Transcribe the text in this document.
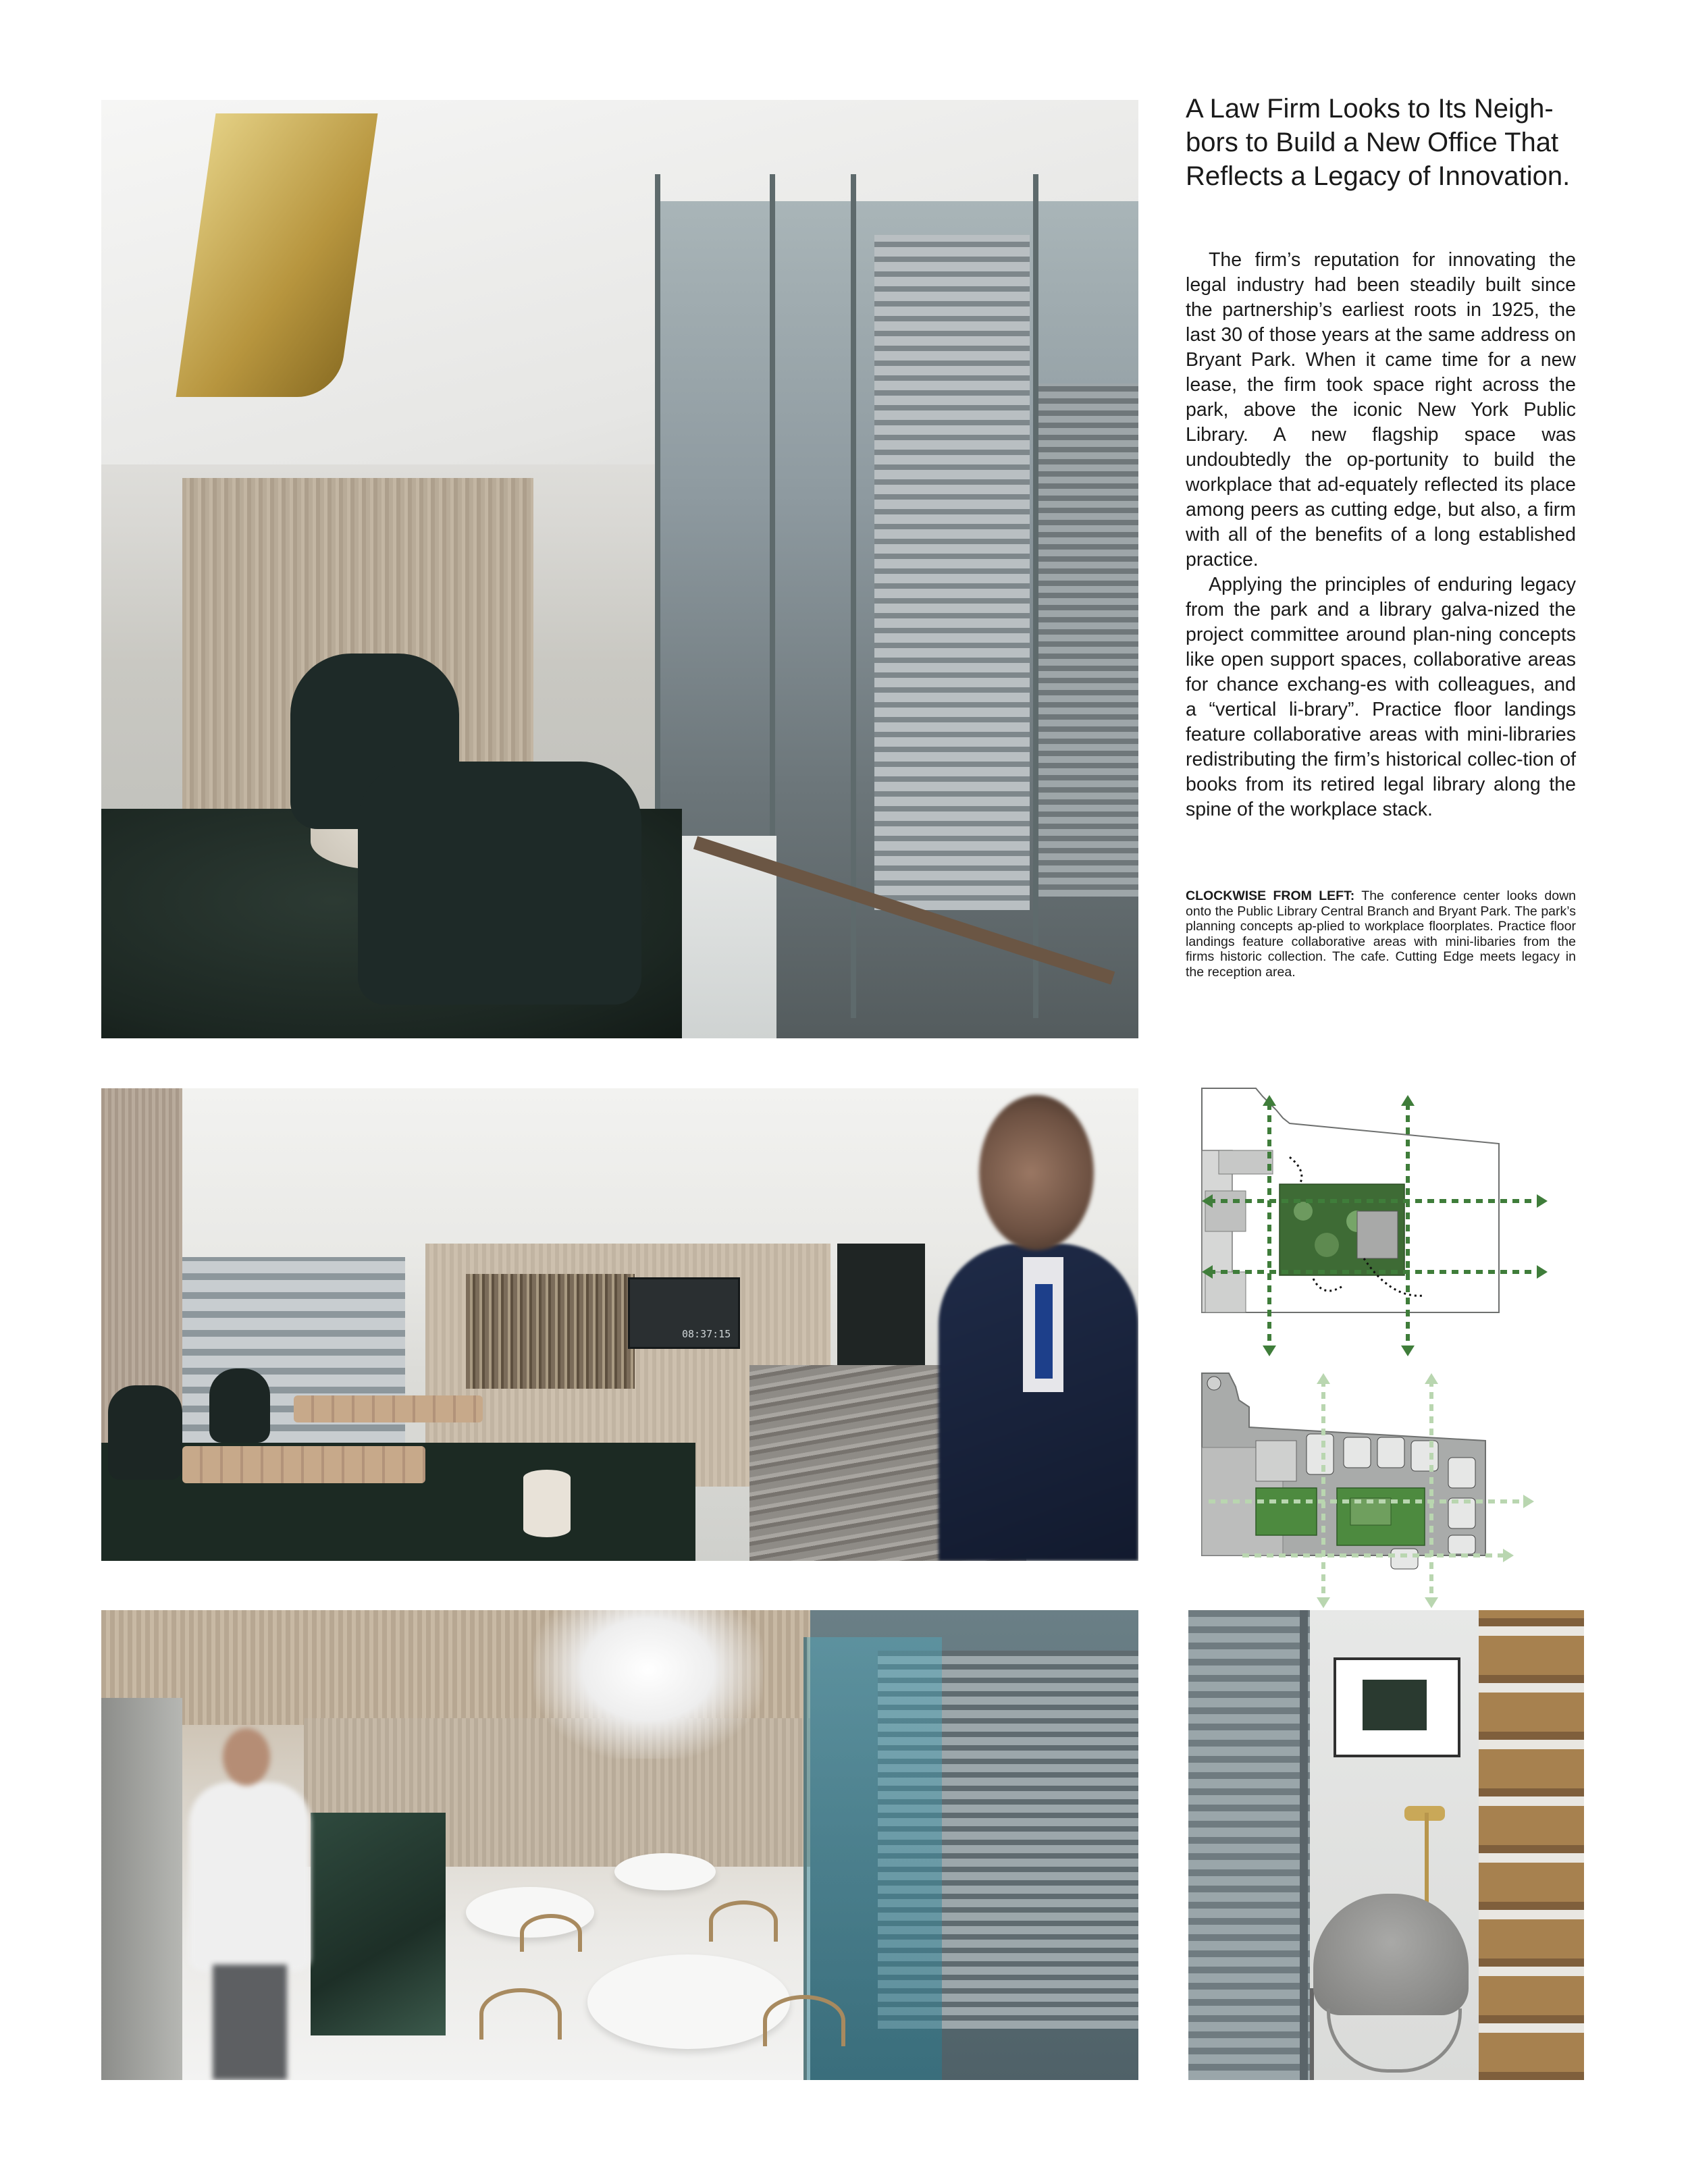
A Law Firm Looks to Its Neigh-bors to Build a New Office That Reflects a Legacy of Innovation.

The firm’s reputation for innovating the legal industry had been steadily built since the partnership’s earliest roots in 1925, the last 30 of those years at the same address on Bryant Park. When it came time for a new lease, the firm took space right across the park, above the iconic New York Public Library. A new flagship space was undoubtedly the op-portunity to build the workplace that ad-equately reflected its place among peers as cutting edge, but also, a firm with all of the benefits of a long established practice.

Applying the principles of enduring legacy from the park and a library galva-nized the project committee around plan-ning concepts like open support spaces, collaborative areas for chance exchang-es with colleagues, and a “vertical li-brary”. Practice floor landings feature collaborative areas with mini-libraries redistributing the firm’s historical collec-tion of books from its retired legal library along the spine of the workplace stack.

CLOCKWISE FROM LEFT: The conference center looks down onto the Public Library Central Branch and Bryant Park. The park’s planning concepts ap-plied to workplace floorplates. Practice floor landings feature collaborative areas with mini-libaries from the firms historic collection. The cafe. Cutting Edge meets legacy in the reception area.
08:37:15
